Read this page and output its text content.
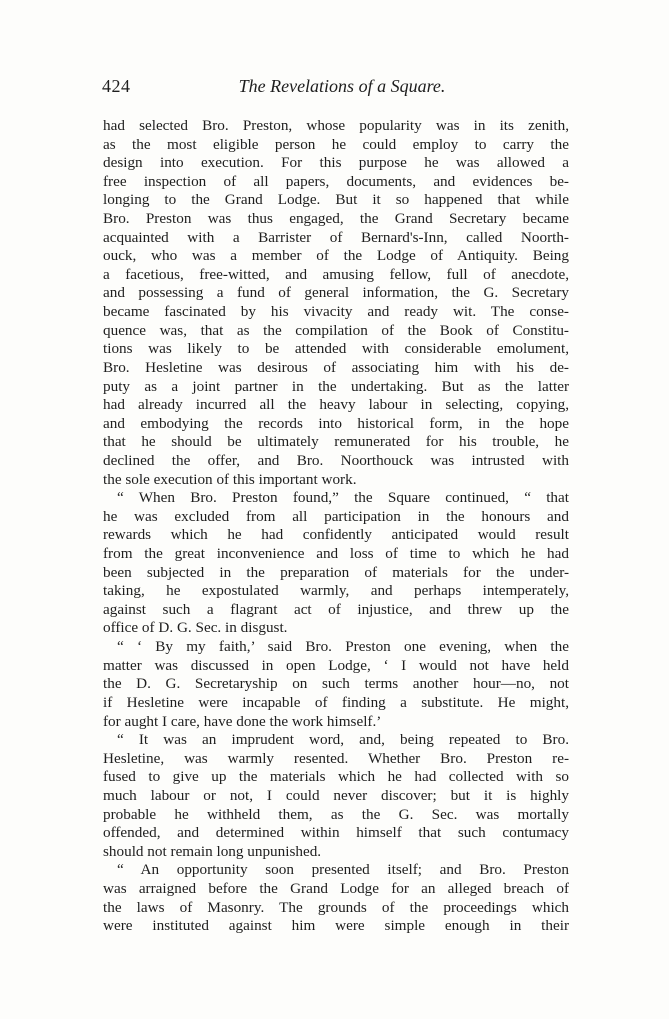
424	The Revelations of a Square.
had selected Bro. Preston, whose popularity was in its zenith,
as the most eligible person he could employ to carry the
design into execution. For this purpose he was allowed a
free inspection of all papers, documents, and evidences be-
longing to the Grand Lodge. But it so happened that while
Bro. Preston was thus engaged, the Grand Secretary became
acquainted with a Barrister of Bernard's-Inn, called Noorth-
ouck, who was a member of the Lodge of Antiquity. Being
a facetious, free-witted, and amusing fellow, full of anecdote,
and possessing a fund of general information, the G. Secretary
became fascinated by his vivacity and ready wit. The conse-
quence was, that as the compilation of the Book of Constitu-
tions was likely to be attended with considerable emolument,
Bro. Hesletine was desirous of associating him with his de-
puty as a joint partner in the undertaking. But as the latter
had already incurred all the heavy labour in selecting, copying,
and embodying the records into historical form, in the hope
that he should be ultimately remunerated for his trouble, he
declined the offer, and Bro. Noorthouck was intrusted with
the sole execution of this important work.
“ When Bro. Preston found,” the Square continued, “ that
he was excluded from all participation in the honours and
rewards which he had confidently anticipated would result
from the great inconvenience and loss of time to which he had
been subjected in the preparation of materials for the under-
taking, he expostulated warmly, and perhaps intemperately,
against such a flagrant act of injustice, and threw up the
office of D. G. Sec. in disgust.
“ ‘ By my faith,’ said Bro. Preston one evening, when the
matter was discussed in open Lodge, ‘ I would not have held
the D. G. Secretaryship on such terms another hour—no, not
if Hesletine were incapable of finding a substitute. He might,
for aught I care, have done the work himself.’
“ It was an imprudent word, and, being repeated to Bro.
Hesletine, was warmly resented. Whether Bro. Preston re-
fused to give up the materials which he had collected with so
much labour or not, I could never discover; but it is highly
probable he withheld them, as the G. Sec. was mortally
offended, and determined within himself that such contumacy
should not remain long unpunished.
“ An opportunity soon presented itself; and Bro. Preston
was arraigned before the Grand Lodge for an alleged breach of
the laws of Masonry. The grounds of the proceedings which
were instituted against him were simple enough in their
